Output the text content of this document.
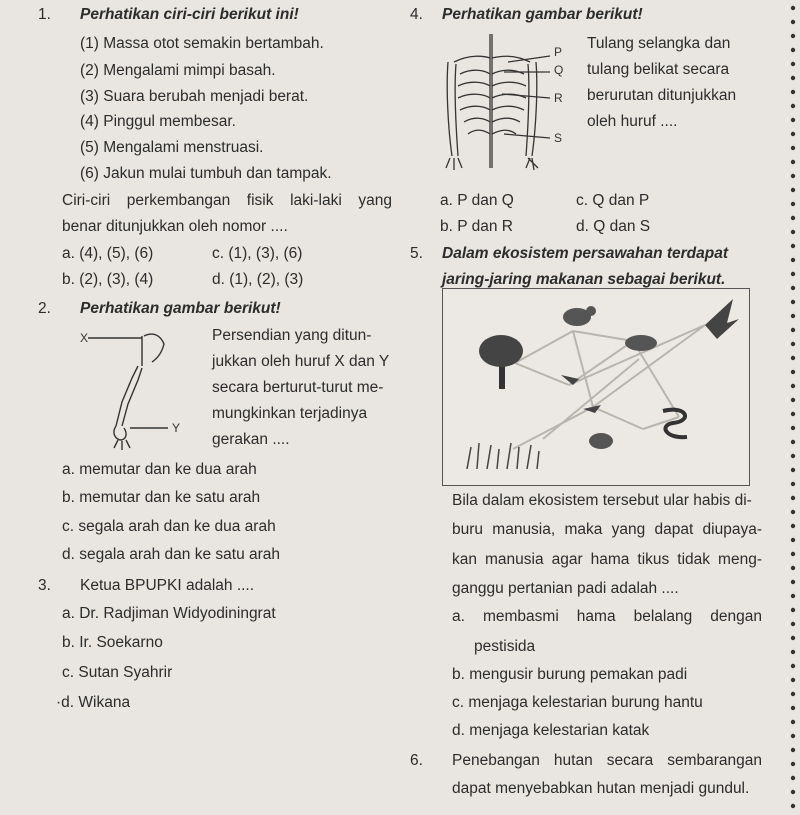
1. Perhatikan ciri-ciri berikut ini!
(1) Massa otot semakin bertambah.
(2) Mengalami mimpi basah.
(3) Suara berubah menjadi berat.
(4) Pinggul membesar.
(5) Mengalami menstruasi.
(6) Jakun mulai tumbuh dan tampak.
Ciri-ciri perkembangan fisik laki-laki yang
benar ditunjukkan oleh nomor ....
a. (4), (5), (6)	c. (1), (3), (6)
b. (2), (3), (4)	d. (1), (2), (3)
2. Perhatikan gambar berikut!
X
Y
Persendian yang ditun-
jukkan oleh huruf X dan Y
secara berturut-turut me-
mungkinkan terjadinya
gerakan ....
a. memutar dan ke dua arah
b. memutar dan ke satu arah
c. segala arah dan ke dua arah
d. segala arah dan ke satu arah
3. Ketua BPUPKI adalah ....
a. Dr. Radjiman Widyodiningrat
b. Ir. Soekarno
c. Sutan Syahrir
·d. Wikana
4. Perhatikan gambar berikut!
P
Q
R
S
Tulang selangka dan
tulang belikat secara
berurutan ditunjukkan
oleh huruf ....
a. P dan Q	c. Q dan P
b. P dan R	d. Q dan S
5. Dalam ekosistem persawahan terdapat
jaring-jaring makanan sebagai berikut.
Bila dalam ekosistem tersebut ular habis di-
buru manusia, maka yang dapat diupaya-
kan manusia agar hama tikus tidak meng-
ganggu pertanian padi adalah ....
a. membasmi hama belalang dengan
pestisida
b. mengusir burung pemakan padi
c. menjaga kelestarian burung hantu
d. menjaga kelestarian katak
6. Penebangan hutan secara sembarangan
dapat menyebabkan hutan menjadi gundul.
